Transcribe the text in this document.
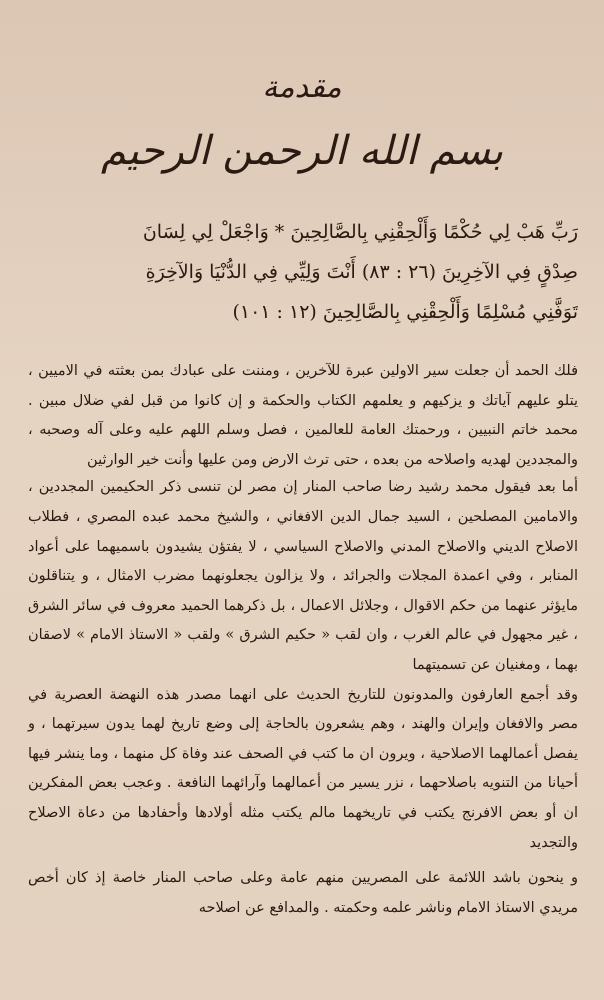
مقدمة
بسم الله الرحمن الرحيم
رَبِّ هَبْ لِي حُكْمًا وَأَلْحِقْنِي بِالصَّالِحِينَ * وَاجْعَلْ لِي لِسَانَ
صِدْقٍ فِي الآخِرِينَ (٢٦ : ٨٣) أَنْتَ وَلِيِّي فِي الدُّنْيَا وَالآخِرَةِ
تَوَفَّنِي مُسْلِمًا وَأَلْحِقْنِي بِالصَّالِحِينَ (١٢ : ١٠١)

فلك الحمد أن جعلت سير الاولين عبرة للآخرين ، ومننت على عبادك بمن بعثته في الاميين ، يتلو عليهم آياتك و يزكيهم و يعلمهم الكتاب والحكمة و إن كانوا من قبل لفي ضلال مبين . محمد خاتم النبيين ، ورحمتك العامة للعالمين ، فصل وسلم اللهم عليه وعلى آله وصحبه ، والمجددين لهديه واصلاحه من بعده ، حتى ترث الارض ومن عليها وأنت خير الوارثين

أما بعد فيقول محمد رشيد رضا صاحب المنار إن مصر لن تنسى ذكر الحكيمين المجددين ، والامامين المصلحين ، السيد جمال الدين الافغاني ، والشيخ محمد عبده المصري ، فطلاب الاصلاح الديني والاصلاح المدني والاصلاح السياسي ، لا يفتؤن يشيدون باسميهما على أعواد المنابر ، وفي اعمدة المجلات والجرائد ، ولا يزالون يجعلونهما مضرب الامثال ، و يتناقلون مايؤثر عنهما من حكم الاقوال ، وجلائل الاعمال ، بل ذكرهما الحميد معروف في سائر الشرق ، غير مجهول في عالم الغرب ، وان لقب « حكيم الشرق » ولقب « الاستاذ الامام » لاصقان بهما ، ومغنيان عن تسميتهما

وقد أجمع العارفون والمدونون للتاريخ الحديث على انهما مصدر هذه النهضة العصرية في مصر والافغان وإيران والهند ، وهم يشعرون بالحاجة إلى وضع تاريخ لهما يدون سيرتهما ، و يفصل أعمالهما الاصلاحية ، ويرون ان ما كتب في الصحف عند وفاة كل منهما ، وما ينشر فيها أحيانا من التنويه باصلاحهما ، نزر يسير من أعمالهما وآرائهما النافعة . وعجب بعض المفكرين ان أو بعض الافرنج يكتب في تاريخهما مالم يكتب مثله أولادها وأحفادها من دعاة الاصلاح والتجديد

و ينحون باشد اللائمة على المصريين منهم عامة وعلى صاحب المنار خاصة إذ كان أخص مريدي الاستاذ الامام وناشر علمه وحكمته . والمدافع عن اصلاحه
